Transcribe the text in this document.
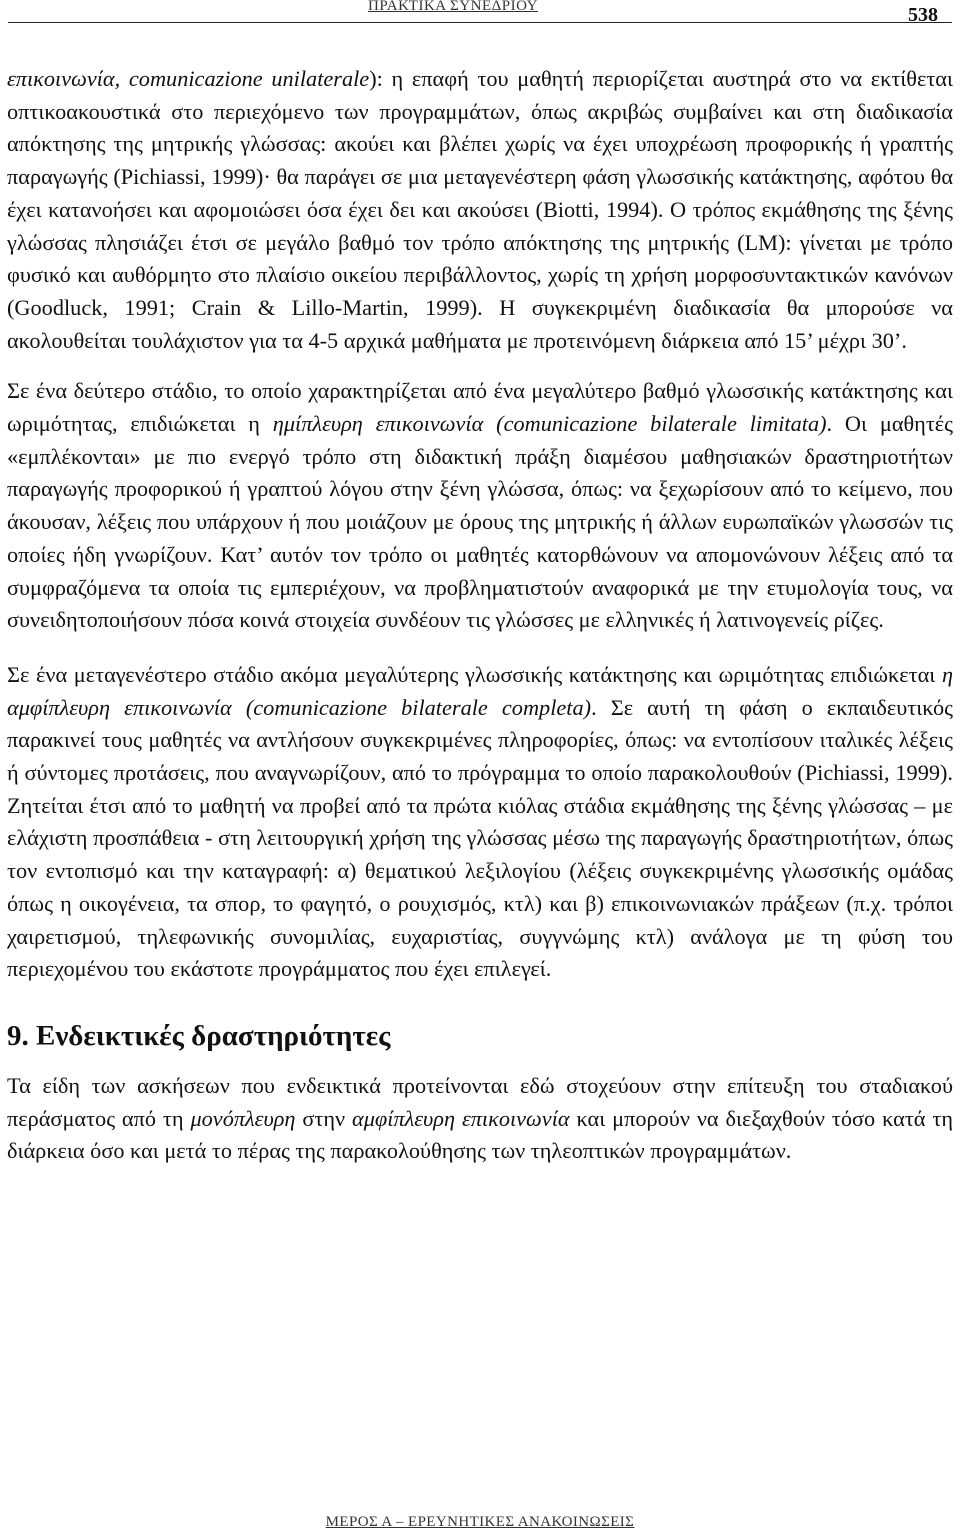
ΠΡΑΚΤΙΚΑ ΣΥΝΕΔΡΙΟΥ	538

επικοινωνία, comunicazione unilaterale): η επαφή του μαθητή περιορίζεται αυστηρά στο να εκτίθεται οπτικοακουστικά στο περιεχόμενο των προγραμμάτων, όπως ακριβώς συμβαίνει και στη διαδικασία απόκτησης της μητρικής γλώσσας: ακούει και βλέπει χωρίς να έχει υποχρέωση προφορικής ή γραπτής παραγωγής (Pichiassi, 1999)· θα παράγει σε μια μεταγενέστερη φάση γλωσσικής κατάκτησης, αφότου θα έχει κατανοήσει και αφομοιώσει όσα έχει δει και ακούσει (Biotti, 1994). Ο τρόπος εκμάθησης της ξένης γλώσσας πλησιάζει έτσι σε μεγάλο βαθμό τον τρόπο απόκτησης της μητρικής (LM): γίνεται με τρόπο φυσικό και αυθόρμητο στο πλαίσιο οικείου περιβάλλοντος, χωρίς τη χρήση μορφοσυντακτικών κανόνων (Goodluck, 1991; Crain & Lillo-Martin, 1999). Η συγκεκριμένη διαδικασία θα μπορούσε να ακολουθείται τουλάχιστον για τα 4-5 αρχικά μαθήματα με προτεινόμενη διάρκεια από 15’ μέχρι 30’.

Σε ένα δεύτερο στάδιο, το οποίο χαρακτηρίζεται από ένα μεγαλύτερο βαθμό γλωσσικής κατάκτησης και ωριμότητας, επιδιώκεται η ημίπλευρη επικοινωνία (comunicazione bilaterale limitata). Οι μαθητές «εμπλέκονται» με πιο ενεργό τρόπο στη διδακτική πράξη διαμέσου μαθησιακών δραστηριοτήτων παραγωγής προφορικού ή γραπτού λόγου στην ξένη γλώσσα, όπως: να ξεχωρίσουν από το κείμενο, που άκουσαν, λέξεις που υπάρχουν ή που μοιάζουν με όρους της μητρικής ή άλλων ευρωπαϊκών γλωσσών τις οποίες ήδη γνωρίζουν. Κατ’ αυτόν τον τρόπο οι μαθητές κατορθώνουν να απομονώνουν λέξεις από τα συμφραζόμενα τα οποία τις εμπεριέχουν, να προβληματιστούν αναφορικά με την ετυμολογία τους, να συνειδητοποιήσουν πόσα κοινά στοιχεία συνδέουν τις γλώσσες με ελληνικές ή λατινογενείς ρίζες.

Σε ένα μεταγενέστερο στάδιο ακόμα μεγαλύτερης γλωσσικής κατάκτησης και ωριμότητας επιδιώκεται η αμφίπλευρη επικοινωνία (comunicazione bilaterale completa). Σε αυτή τη φάση ο εκπαιδευτικός παρακινεί τους μαθητές να αντλήσουν συγκεκριμένες πληροφορίες, όπως: να εντοπίσουν ιταλικές λέξεις ή σύντομες προτάσεις, που αναγνωρίζουν, από το πρόγραμμα το οποίο παρακολουθούν (Pichiassi, 1999). Ζητείται έτσι από το μαθητή να προβεί από τα πρώτα κιόλας στάδια εκμάθησης της ξένης γλώσσας – με ελάχιστη προσπάθεια - στη λειτουργική χρήση της γλώσσας μέσω της παραγωγής δραστηριοτήτων, όπως τον εντοπισμό και την καταγραφή: α) θεματικού λεξιλογίου (λέξεις συγκεκριμένης γλωσσικής ομάδας όπως η οικογένεια, τα σπορ, το φαγητό, ο ρουχισμός, κτλ) και β) επικοινωνιακών πράξεων (π.χ. τρόποι χαιρετισμού, τηλεφωνικής συνομιλίας, ευχαριστίας, συγγνώμης κτλ) ανάλογα με τη φύση του περιεχομένου του εκάστοτε προγράμματος που έχει επιλεγεί.

9. Ενδεικτικές δραστηριότητες

Τα είδη των ασκήσεων που ενδεικτικά προτείνονται εδώ στοχεύουν στην επίτευξη του σταδιακού περάσματος από τη μονόπλευρη στην αμφίπλευρη επικοινωνία και μπορούν να διεξαχθούν τόσο κατά τη διάρκεια όσο και μετά το πέρας της παρακολούθησης των τηλεοπτικών προγραμμάτων.

ΜΕΡΟΣ Α – ΕΡΕΥΝΗΤΙΚΕΣ ΑΝΑΚΟΙΝΩΣΕΙΣ
